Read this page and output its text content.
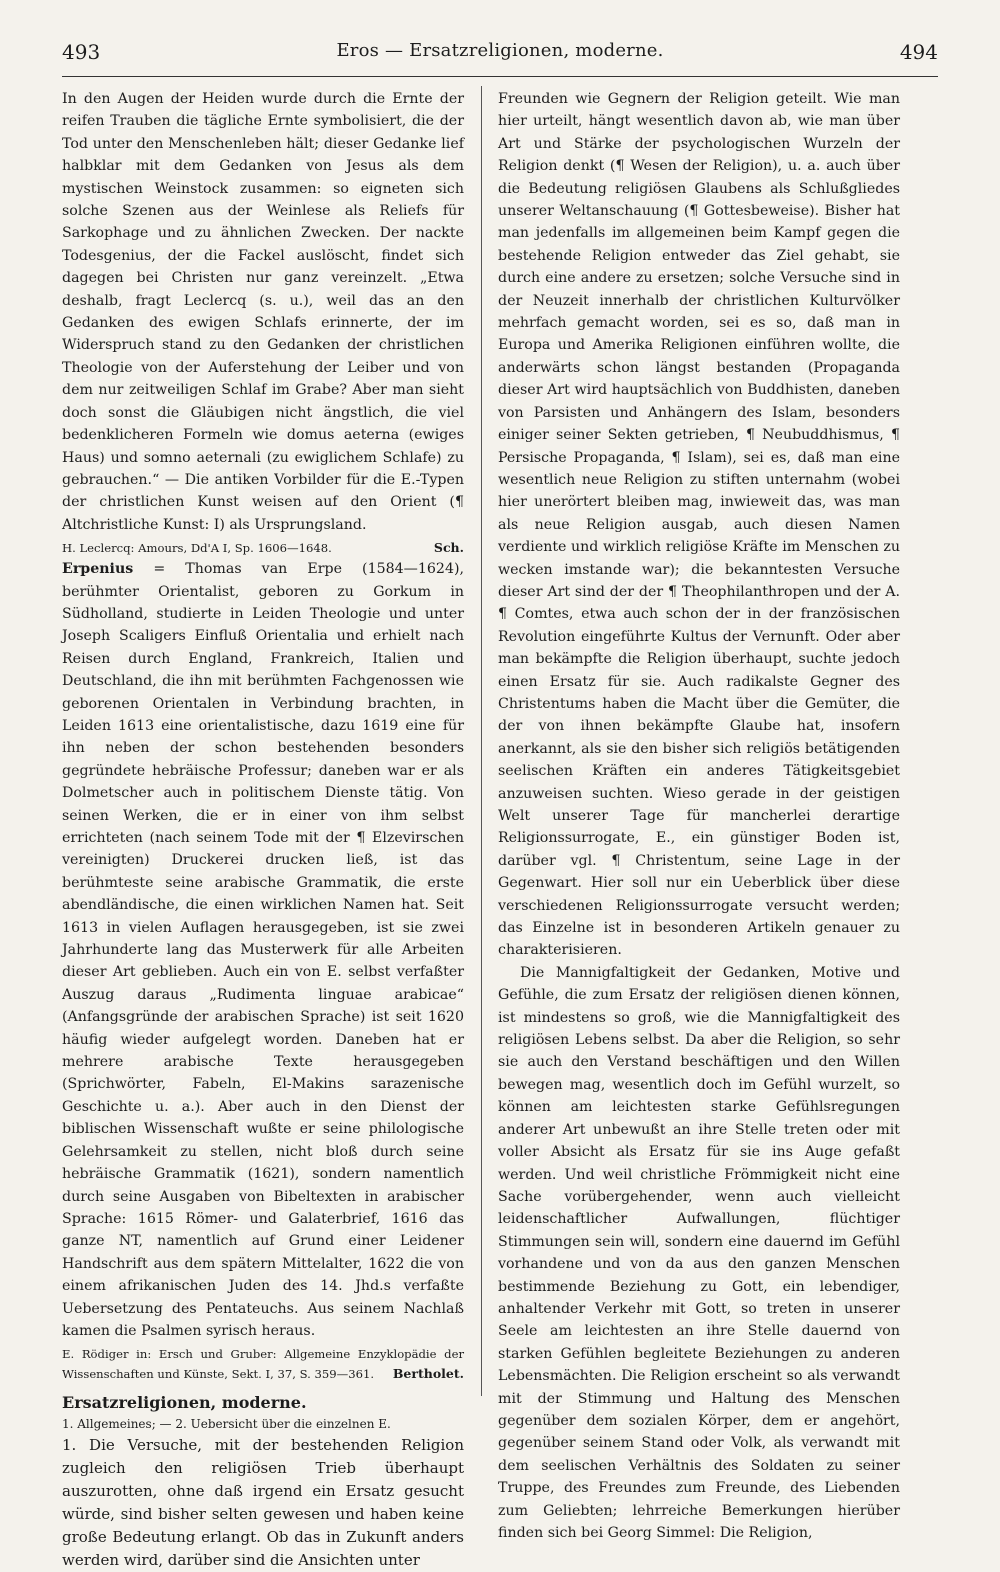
493	Eros — Ersatzreligionen, moderne.	494

In den Augen der Heiden wurde durch die Ernte der reifen Trauben die tägliche Ernte symbolisiert, die der Tod unter den Menschenleben hält; dieser Gedanke lief halbklar mit dem Gedanken von Jesus als dem mystischen Weinstock zusammen: so eigneten sich solche Szenen aus der Weinlese als Reliefs für Sarkophage und zu ähnlichen Zwecken. Der nackte Todesgenius, der die Fackel auslöscht, findet sich dagegen bei Christen nur ganz vereinzelt. „Etwa deshalb, fragt Leclercq (s. u.), weil das an den Gedanken des ewigen Schlafs erinnerte, der im Widerspruch stand zu den Gedanken der christlichen Theologie von der Auferstehung der Leiber und von dem nur zeitweiligen Schlaf im Grabe? Aber man sieht doch sonst die Gläubigen nicht ängstlich, die viel bedenklicheren Formeln wie domus aeterna (ewiges Haus) und somno aeternali (zu ewiglichem Schlafe) zu gebrauchen.“ — Die antiken Vorbilder für die E.-Typen der christlichen Kunst weisen auf den Orient (¶ Altchristliche Kunst: I) als Ursprungsland.

H. Leclercq: Amours, Dd'A I, Sp. 1606—1648.	Sch.

Erpenius = Thomas van Erpe (1584—1624), berühmter Orientalist, geboren zu Gorkum in Südholland, studierte in Leiden Theologie und unter Joseph Scaligers Einfluß Orientalia und erhielt nach Reisen durch England, Frankreich, Italien und Deutschland, die ihn mit berühmten Fachgenossen wie geborenen Orientalen in Verbindung brachten, in Leiden 1613 eine orientalistische, dazu 1619 eine für ihn neben der schon bestehenden besonders gegründete hebräische Professur; daneben war er als Dolmetscher auch in politischem Dienste tätig. Von seinen Werken, die er in einer von ihm selbst errichteten (nach seinem Tode mit der ¶ Elzevirschen vereinigten) Druckerei drucken ließ, ist das berühmteste seine arabische Grammatik, die erste abendländische, die einen wirklichen Namen hat. Seit 1613 in vielen Auflagen herausgegeben, ist sie zwei Jahrhunderte lang das Musterwerk für alle Arbeiten dieser Art geblieben. Auch ein von E. selbst verfaßter Auszug daraus „Rudimenta linguae arabicae“ (Anfangsgründe der arabischen Sprache) ist seit 1620 häufig wieder aufgelegt worden. Daneben hat er mehrere arabische Texte herausgegeben (Sprichwörter, Fabeln, El-Makins sarazenische Geschichte u. a.). Aber auch in den Dienst der biblischen Wissenschaft wußte er seine philologische Gelehrsamkeit zu stellen, nicht bloß durch seine hebräische Grammatik (1621), sondern namentlich durch seine Ausgaben von Bibeltexten in arabischer Sprache: 1615 Römer- und Galaterbrief, 1616 das ganze NT, namentlich auf Grund einer Leidener Handschrift aus dem spätern Mittelalter, 1622 die von einem afrikanischen Juden des 14. Jhd.s verfaßte Uebersetzung des Pentateuchs. Aus seinem Nachlaß kamen die Psalmen syrisch heraus.

E. Rödiger in: Ersch und Gruber: Allgemeine Enzyklopädie der Wissenschaften und Künste, Sekt. I, 37, S. 359—361. Bertholet.

Ersatzreligionen, moderne.

1. Allgemeines; — 2. Uebersicht über die einzelnen E.

1. Die Versuche, mit der bestehenden Religion zugleich den religiösen Trieb überhaupt auszurotten, ohne daß irgend ein Ersatz gesucht würde, sind bisher selten gewesen und haben keine große Bedeutung erlangt. Ob das in Zukunft anders werden wird, darüber sind die Ansichten unter

Freunden wie Gegnern der Religion geteilt. Wie man hier urteilt, hängt wesentlich davon ab, wie man über Art und Stärke der psychologischen Wurzeln der Religion denkt (¶ Wesen der Religion), u. a. auch über die Bedeutung religiösen Glaubens als Schlußgliedes unserer Weltanschauung (¶ Gottesbeweise). Bisher hat man jedenfalls im allgemeinen beim Kampf gegen die bestehende Religion entweder das Ziel gehabt, sie durch eine andere zu ersetzen; solche Versuche sind in der Neuzeit innerhalb der christlichen Kulturvölker mehrfach gemacht worden, sei es so, daß man in Europa und Amerika Religionen einführen wollte, die anderwärts schon längst bestanden (Propaganda dieser Art wird hauptsächlich von Buddhisten, daneben von Parsisten und Anhängern des Islam, besonders einiger seiner Sekten getrieben, ¶ Neubuddhismus, ¶ Persische Propaganda, ¶ Islam), sei es, daß man eine wesentlich neue Religion zu stiften unternahm (wobei hier unerörtert bleiben mag, inwieweit das, was man als neue Religion ausgab, auch diesen Namen verdiente und wirklich religiöse Kräfte im Menschen zu wecken imstande war); die bekanntesten Versuche dieser Art sind der der ¶ Theophilanthropen und der A. ¶ Comtes, etwa auch schon der in der französischen Revolution eingeführte Kultus der Vernunft. Oder aber man bekämpfte die Religion überhaupt, suchte jedoch einen Ersatz für sie. Auch radikalste Gegner des Christentums haben die Macht über die Gemüter, die der von ihnen bekämpfte Glaube hat, insofern anerkannt, als sie den bisher sich religiös betätigenden seelischen Kräften ein anderes Tätigkeitsgebiet anzuweisen suchten. Wieso gerade in der geistigen Welt unserer Tage für mancherlei derartige Religionssurrogate, E., ein günstiger Boden ist, darüber vgl. ¶ Christentum, seine Lage in der Gegenwart. Hier soll nur ein Ueberblick über diese verschiedenen Religionssurrogate versucht werden; das Einzelne ist in besonderen Artikeln genauer zu charakterisieren.

Die Mannigfaltigkeit der Gedanken, Motive und Gefühle, die zum Ersatz der religiösen dienen können, ist mindestens so groß, wie die Mannigfaltigkeit des religiösen Lebens selbst. Da aber die Religion, so sehr sie auch den Verstand beschäftigen und den Willen bewegen mag, wesentlich doch im Gefühl wurzelt, so können am leichtesten starke Gefühlsregungen anderer Art unbewußt an ihre Stelle treten oder mit voller Absicht als Ersatz für sie ins Auge gefaßt werden. Und weil christliche Frömmigkeit nicht eine Sache vorübergehender, wenn auch vielleicht leidenschaftlicher Aufwallungen, flüchtiger Stimmungen sein will, sondern eine dauernd im Gefühl vorhandene und von da aus den ganzen Menschen bestimmende Beziehung zu Gott, ein lebendiger, anhaltender Verkehr mit Gott, so treten in unserer Seele am leichtesten an ihre Stelle dauernd von starken Gefühlen begleitete Beziehungen zu anderen Lebensmächten. Die Religion erscheint so als verwandt mit der Stimmung und Haltung des Menschen gegenüber dem sozialen Körper, dem er angehört, gegenüber seinem Stand oder Volk, als verwandt mit dem seelischen Verhältnis des Soldaten zu seiner Truppe, des Freundes zum Freunde, des Liebenden zum Geliebten; lehrreiche Bemerkungen hierüber finden sich bei Georg Simmel: Die Religion,
